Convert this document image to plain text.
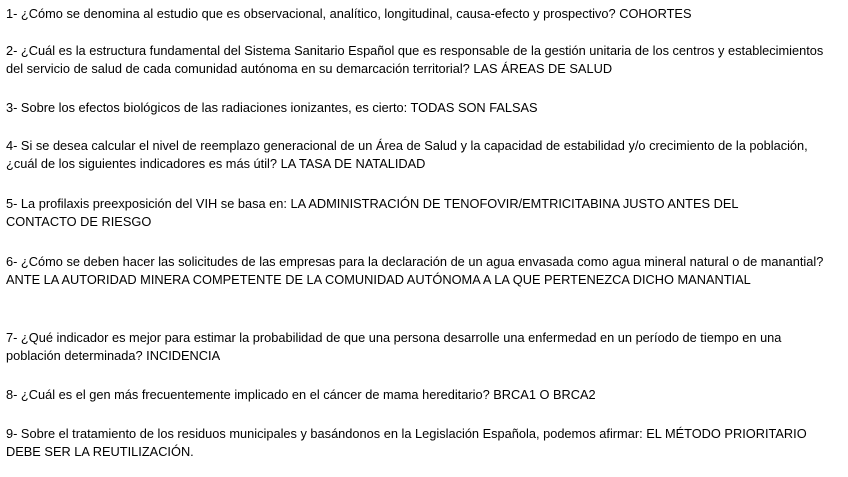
1- ¿Cómo se denomina al estudio que es observacional, analítico, longitudinal, causa-efecto y prospectivo? COHORTES

2- ¿Cuál es la estructura fundamental del Sistema Sanitario Español que es responsable de la gestión unitaria de los centros y establecimientos del servicio de salud de cada comunidad autónoma en su demarcación territorial? LAS ÁREAS DE SALUD

3- Sobre los efectos biológicos de las radiaciones ionizantes, es cierto: TODAS SON FALSAS

4- Si se desea calcular el nivel de reemplazo generacional de un Área de Salud y la capacidad de estabilidad y/o crecimiento de la población, ¿cuál de los siguientes indicadores es más útil? LA TASA DE NATALIDAD

5- La profilaxis preexposición del VIH se basa en: LA ADMINISTRACIÓN DE TENOFOVIR/EMTRICITABINA JUSTO ANTES DEL CONTACTO DE RIESGO

6- ¿Cómo se deben hacer las solicitudes de las empresas para la declaración de un agua envasada como agua mineral natural o de manantial? ANTE LA AUTORIDAD MINERA COMPETENTE DE LA COMUNIDAD AUTÓNOMA A LA QUE PERTENEZCA DICHO MANANTIAL

7- ¿Qué indicador es mejor para estimar la probabilidad de que una persona desarrolle una enfermedad en un período de tiempo en una población determinada? INCIDENCIA

8- ¿Cuál es el gen más frecuentemente implicado en el cáncer de mama hereditario? BRCA1 O BRCA2

9- Sobre el tratamiento de los residuos municipales y basándonos en la Legislación Española, podemos afirmar: EL MÉTODO PRIORITARIO DEBE SER LA REUTILIZACIÓN.
